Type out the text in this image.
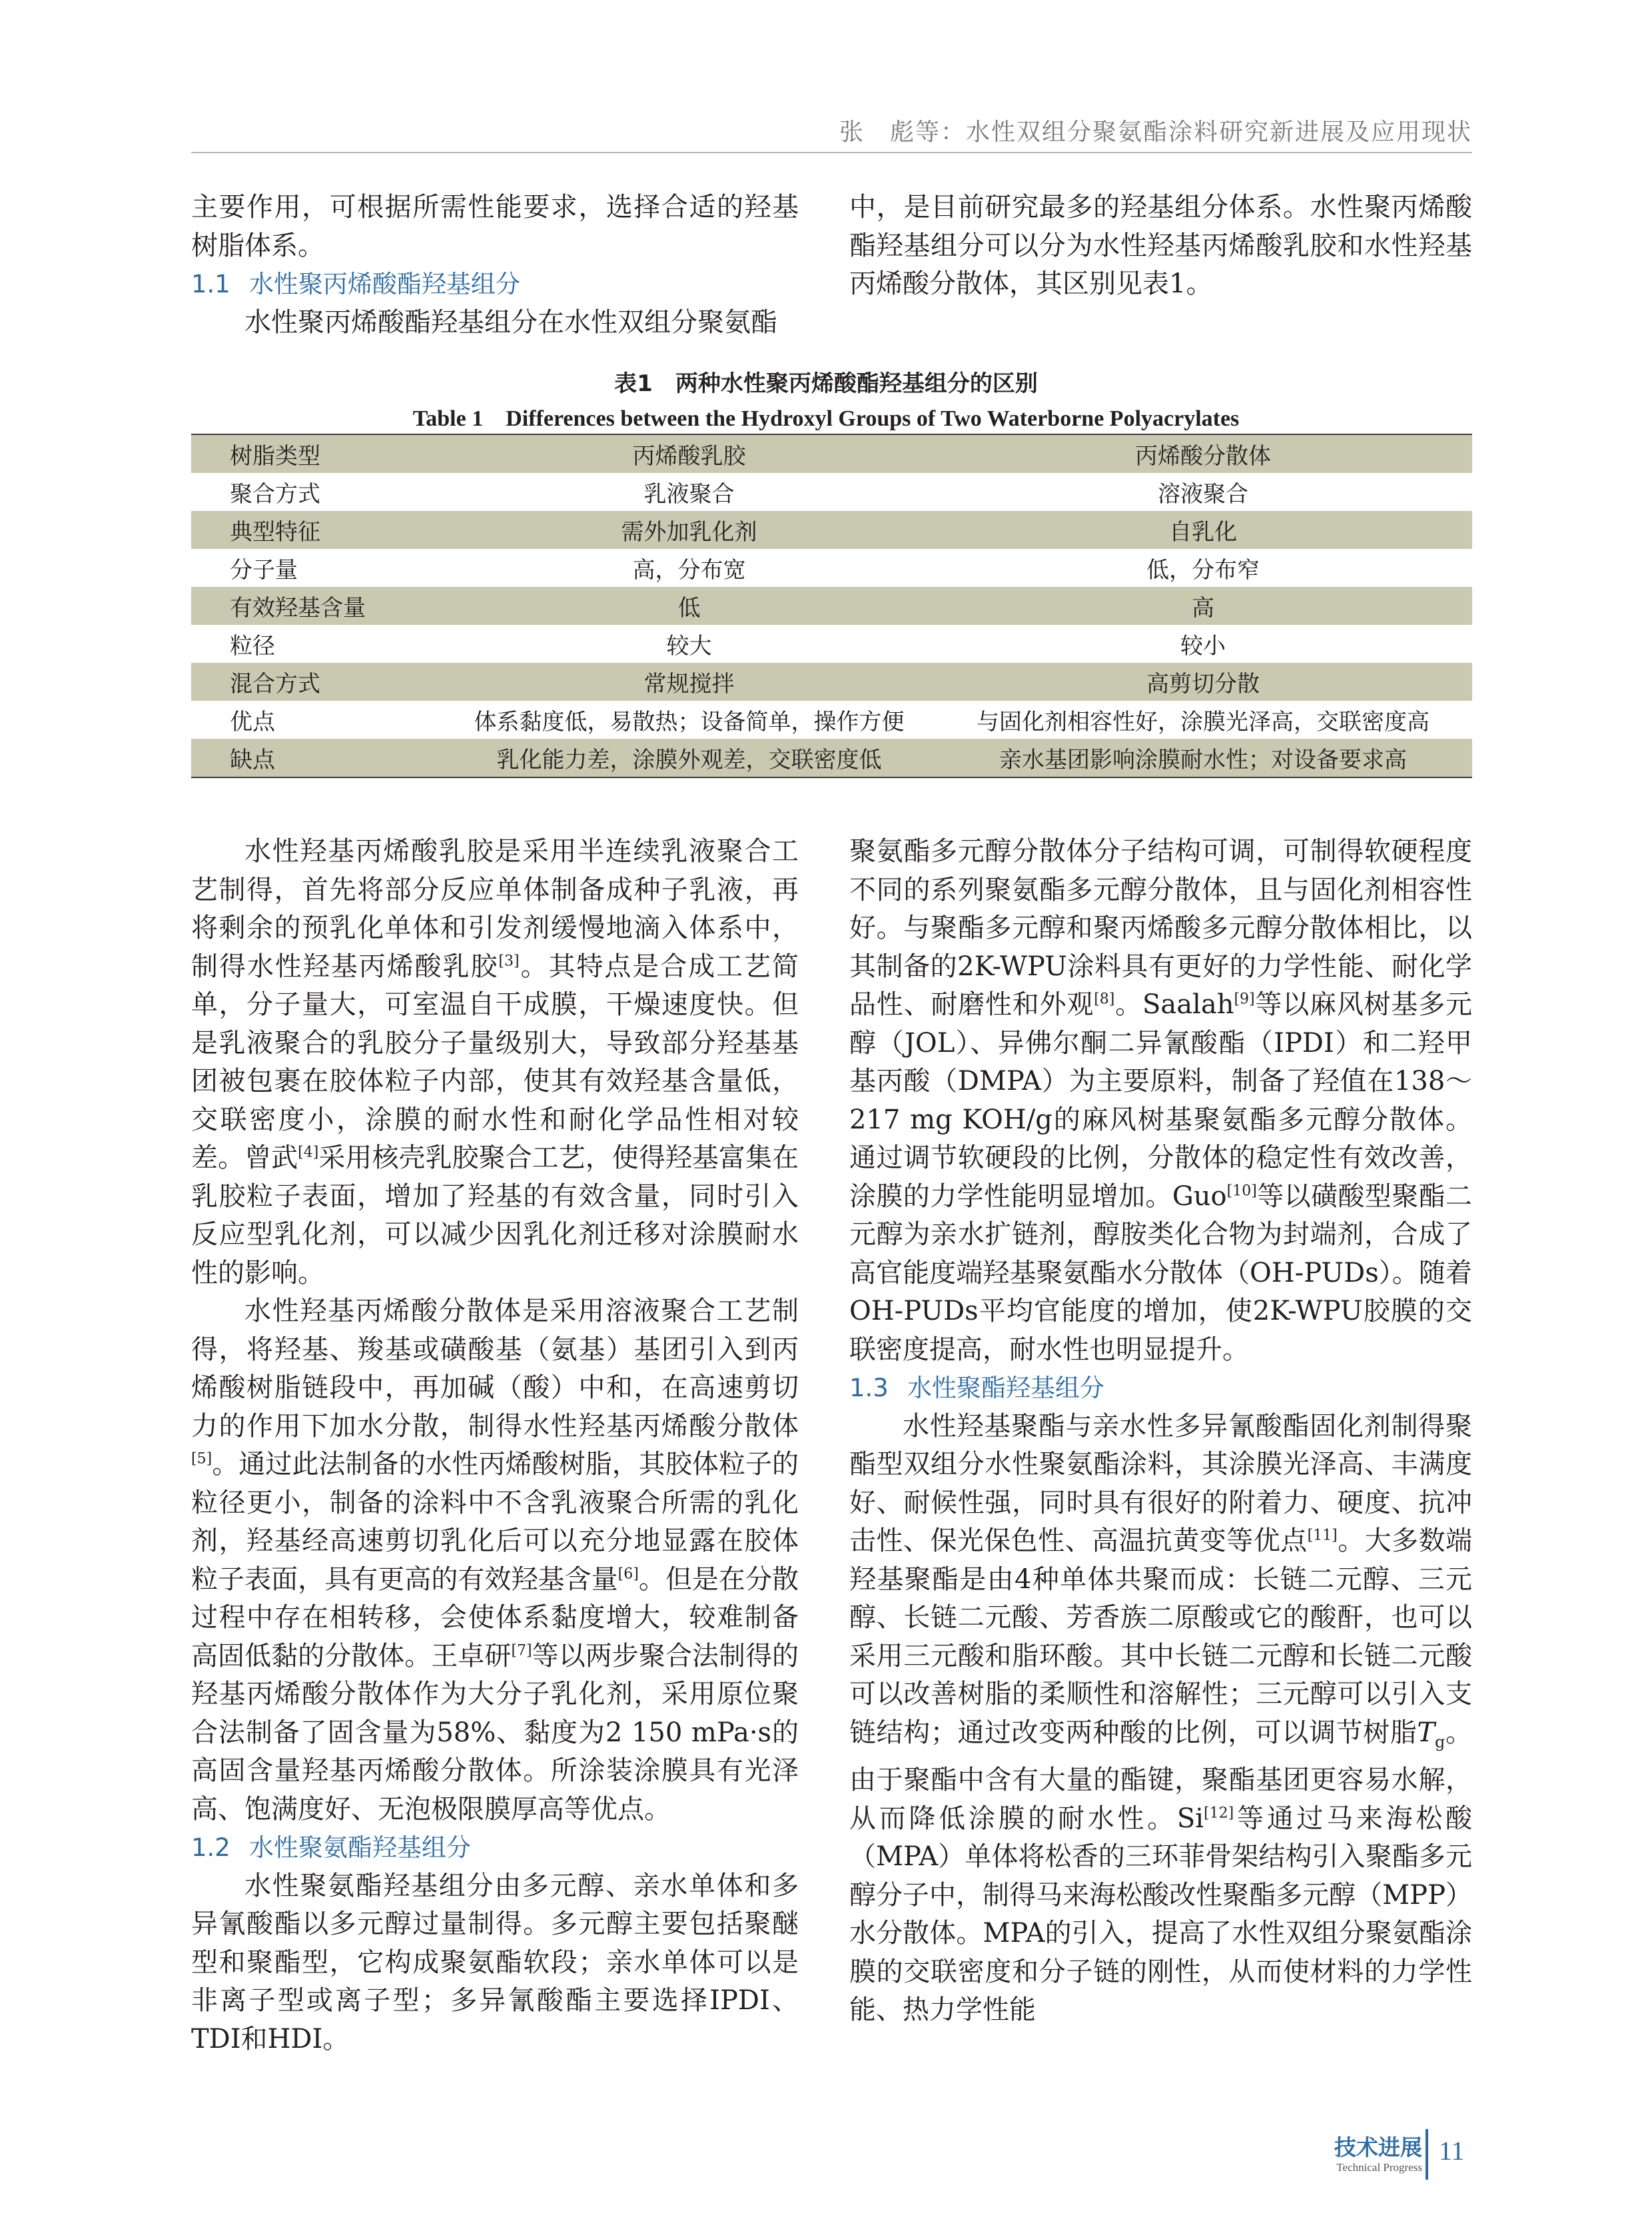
张　彪等：水性双组分聚氨酯涂料研究新进展及应用现状

主要作用，可根据所需性能要求，选择合适的羟基树脂体系。

1.1 水性聚丙烯酸酯羟基组分

水性聚丙烯酸酯羟基组分在水性双组分聚氨酯

中，是目前研究最多的羟基组分体系。水性聚丙烯酸酯羟基组分可以分为水性羟基丙烯酸乳胶和水性羟基丙烯酸分散体，其区别见表1。

表1　两种水性聚丙烯酸酯羟基组分的区别
Table 1　Differences between the Hydroxyl Groups of Two Waterborne Polyacrylates
树脂类型	丙烯酸乳胶	丙烯酸分散体
聚合方式	乳液聚合	溶液聚合
典型特征	需外加乳化剂	自乳化
分子量	高，分布宽	低，分布窄
有效羟基含量	低	高
粒径	较大	较小
混合方式	常规搅拌	高剪切分散
优点	体系黏度低，易散热；设备简单，操作方便	与固化剂相容性好，涂膜光泽高，交联密度高
缺点	乳化能力差，涂膜外观差，交联密度低	亲水基团影响涂膜耐水性；对设备要求高

水性羟基丙烯酸乳胶是采用半连续乳液聚合工艺制得，首先将部分反应单体制备成种子乳液，再将剩余的预乳化单体和引发剂缓慢地滴入体系中，制得水性羟基丙烯酸乳胶[3]。其特点是合成工艺简单，分子量大，可室温自干成膜，干燥速度快。但是乳液聚合的乳胶分子量级别大，导致部分羟基基团被包裹在胶体粒子内部，使其有效羟基含量低，交联密度小，涂膜的耐水性和耐化学品性相对较差。曾武[4]采用核壳乳胶聚合工艺，使得羟基富集在乳胶粒子表面，增加了羟基的有效含量，同时引入反应型乳化剂，可以减少因乳化剂迁移对涂膜耐水性的影响。

水性羟基丙烯酸分散体是采用溶液聚合工艺制得，将羟基、羧基或磺酸基（氨基）基团引入到丙烯酸树脂链段中，再加碱（酸）中和，在高速剪切力的作用下加水分散，制得水性羟基丙烯酸分散体[5]。通过此法制备的水性丙烯酸树脂，其胶体粒子的粒径更小，制备的涂料中不含乳液聚合所需的乳化剂，羟基经高速剪切乳化后可以充分地显露在胶体粒子表面，具有更高的有效羟基含量[6]。但是在分散过程中存在相转移，会使体系黏度增大，较难制备高固低黏的分散体。王卓研[7]等以两步聚合法制得的羟基丙烯酸分散体作为大分子乳化剂，采用原位聚合法制备了固含量为58%、黏度为2 150 mPa·s的高固含量羟基丙烯酸分散体。所涂装涂膜具有光泽高、饱满度好、无泡极限膜厚高等优点。

1.2 水性聚氨酯羟基组分

水性聚氨酯羟基组分由多元醇、亲水单体和多异氰酸酯以多元醇过量制得。多元醇主要包括聚醚型和聚酯型，它构成聚氨酯软段；亲水单体可以是非离子型或离子型；多异氰酸酯主要选择IPDI、TDI和HDI。

聚氨酯多元醇分散体分子结构可调，可制得软硬程度不同的系列聚氨酯多元醇分散体，且与固化剂相容性好。与聚酯多元醇和聚丙烯酸多元醇分散体相比，以其制备的2K-WPU涂料具有更好的力学性能、耐化学品性、耐磨性和外观[8]。Saalah[9]等以麻风树基多元醇（JOL）、异佛尔酮二异氰酸酯（IPDI）和二羟甲基丙酸（DMPA）为主要原料，制备了羟值在138～217 mg KOH/g的麻风树基聚氨酯多元醇分散体。通过调节软硬段的比例，分散体的稳定性有效改善，涂膜的力学性能明显增加。Guo[10]等以磺酸型聚酯二元醇为亲水扩链剂，醇胺类化合物为封端剂，合成了高官能度端羟基聚氨酯水分散体（OH-PUDs）。随着OH-PUDs平均官能度的增加，使2K-WPU胶膜的交联密度提高，耐水性也明显提升。

1.3 水性聚酯羟基组分

水性羟基聚酯与亲水性多异氰酸酯固化剂制得聚酯型双组分水性聚氨酯涂料，其涂膜光泽高、丰满度好、耐候性强，同时具有很好的附着力、硬度、抗冲击性、保光保色性、高温抗黄变等优点[11]。大多数端羟基聚酯是由4种单体共聚而成：长链二元醇、三元醇、长链二元酸、芳香族二原酸或它的酸酐，也可以采用三元酸和脂环酸。其中长链二元醇和长链二元酸可以改善树脂的柔顺性和溶解性；三元醇可以引入支链结构；通过改变两种酸的比例，可以调节树脂$T_g$。由于聚酯中含有大量的酯键，聚酯基团更容易水解，从而降低涂膜的耐水性。Si[12]等通过马来海松酸（MPA）单体将松香的三环菲骨架结构引入聚酯多元醇分子中，制得马来海松酸改性聚酯多元醇（MPP）水分散体。MPA的引入，提高了水性双组分聚氨酯涂膜的交联密度和分子链的刚性，从而使材料的力学性能、热力学性能

技术进展
Technical Progress
11
